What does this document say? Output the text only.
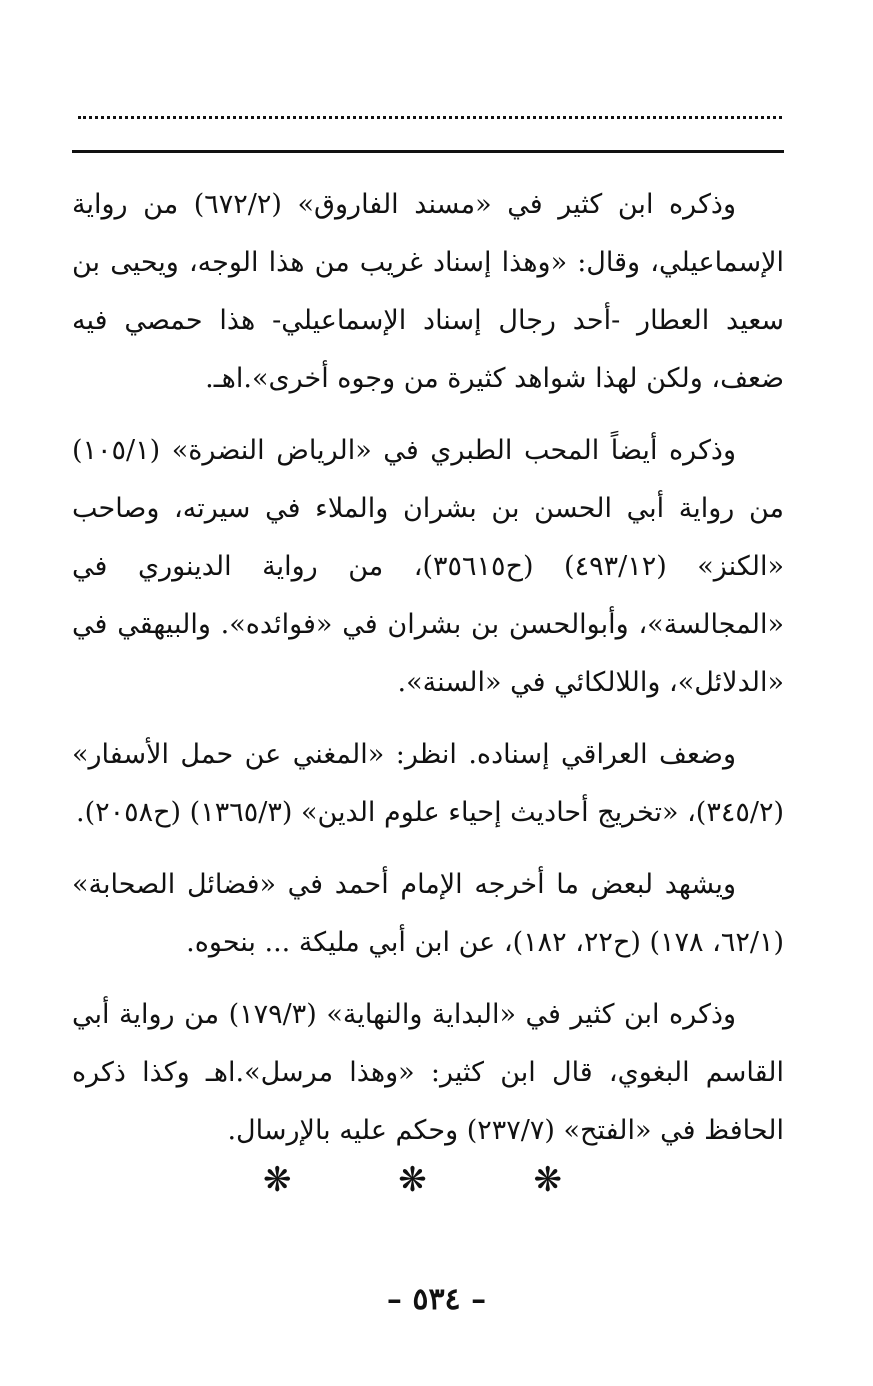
وذكره ابن كثير في «مسند الفاروق» (٦٧٢/٢) من رواية الإسماعيلي، وقال: «وهذا إسناد غريب من هذا الوجه، ويحيى بن سعيد العطار -أحد رجال إسناد الإسماعيلي- هذا حمصي فيه ضعف، ولكن لهذا شواهد كثيرة من وجوه أخرى».اهـ.

وذكره أيضاً المحب الطبري في «الرياض النضرة» (١٠٥/١) من رواية أبي الحسن بن بشران والملاء في سيرته، وصاحب «الكنز» (٤٩٣/١٢) (ح٣٥٦١٥)، من رواية الدينوري في «المجالسة»، وأبوالحسن بن بشران في «فوائده». والبيهقي في «الدلائل»، واللالكائي في «السنة».

وضعف العراقي إسناده. انظر: «المغني عن حمل الأسفار» (٣٤٥/٢)، «تخريج أحاديث إحياء علوم الدين» (١٣٦٥/٣) (ح٢٠٥٨).

ويشهد لبعض ما أخرجه الإمام أحمد في «فضائل الصحابة» (٦٢/١، ١٧٨) (ح٢٢، ١٨٢)، عن ابن أبي مليكة ... بنحوه.

وذكره ابن كثير في «البداية والنهاية» (١٧٩/٣) من رواية أبي القاسم البغوي، قال ابن كثير: «وهذا مرسل».اهـ وكذا ذكره الحافظ في «الفتح» (٢٣٧/٧) وحكم عليه بالإرسال.

❋ ❋ ❋
– ٥٣٤ –
